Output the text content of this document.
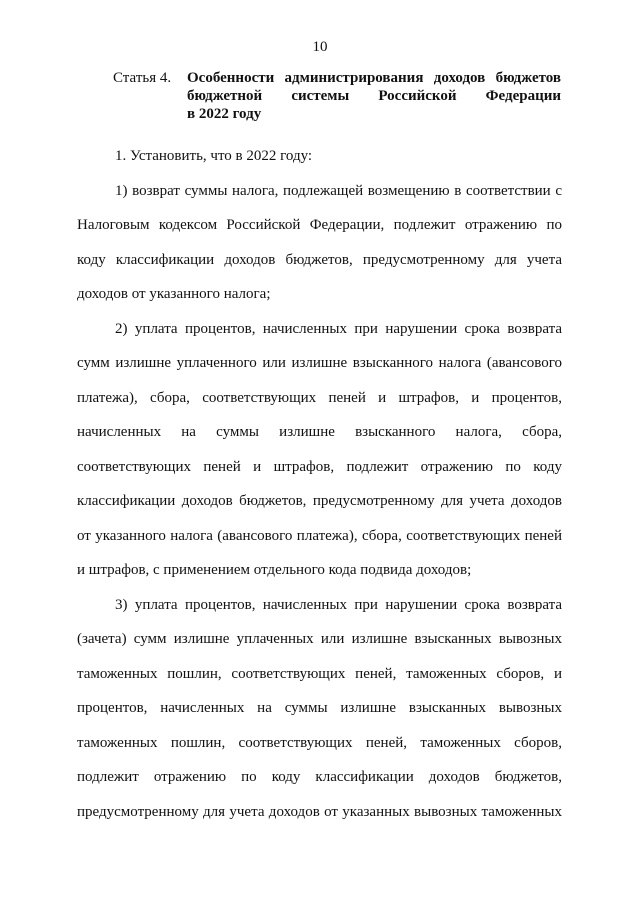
10
Статья 4.	Особенности администрирования доходов бюджетов
бюджетной системы Российской Федерации
в 2022 году
1. Установить, что в 2022 году:
1) возврат суммы налога, подлежащей возмещению в соответствии с
Налоговым кодексом Российской Федерации, подлежит отражению по
коду классификации доходов бюджетов, предусмотренному для учета
доходов от указанного налога;
2) уплата процентов, начисленных при нарушении срока возврата
сумм излишне уплаченного или излишне взысканного налога (авансового
платежа), сбора, соответствующих пеней и штрафов, и процентов,
начисленных на суммы излишне взысканного налога, сбора,
соответствующих пеней и штрафов, подлежит отражению по коду
классификации доходов бюджетов, предусмотренному для учета доходов
от указанного налога (авансового платежа), сбора, соответствующих пеней
и штрафов, с применением отдельного кода подвида доходов;
3) уплата процентов, начисленных при нарушении срока возврата
(зачета) сумм излишне уплаченных или излишне взысканных вывозных
таможенных пошлин, соответствующих пеней, таможенных сборов, и
процентов, начисленных на суммы излишне взысканных вывозных
таможенных пошлин, соответствующих пеней, таможенных сборов,
подлежит отражению по коду классификации доходов бюджетов,
предусмотренному для учета доходов от указанных вывозных таможенных
